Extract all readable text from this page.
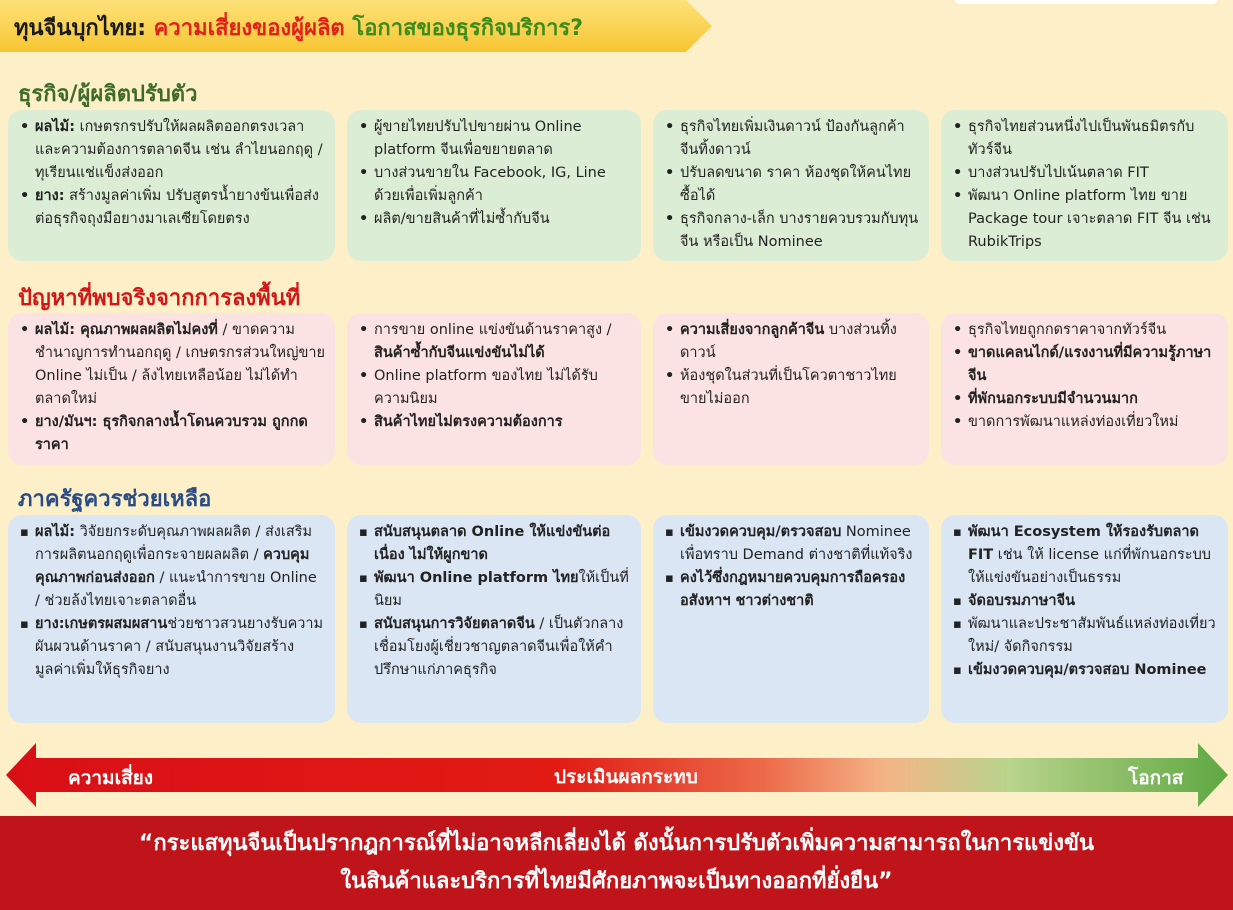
ทุนจีนบุกไทย: ความเสี่ยงของผู้ผลิต โอกาสของธุรกิจบริการ?
ธุรกิจ/ผู้ผลิตปรับตัว
ปัญหาที่พบจริงจากการลงพื้นที่
ภาครัฐควรช่วยเหลือ
• ผลไม้: เกษตรกรปรับให้ผลผลิตออกตรงเวลาและความต้องการตลาดจีน เช่น ลำไยนอกฤดู / ทุเรียนแช่แข็งส่งออก
• ยาง: สร้างมูลค่าเพิ่ม ปรับสูตรน้ำยางข้นเพื่อส่งต่อธุรกิจถุงมือยางมาเลเซียโดยตรง
• ผู้ขายไทยปรับไปขายผ่าน Online platform จีนเพื่อขยายตลาด
• บางส่วนขายใน Facebook, IG, Line ด้วยเพื่อเพิ่มลูกค้า
• ผลิต/ขายสินค้าที่ไม่ซ้ำกับจีน
• ธุรกิจไทยเพิ่มเงินดาวน์ ป้องกันลูกค้าจีนทิ้งดาวน์
• ปรับลดขนาด ราคา ห้องชุดให้คนไทยซื้อได้
• ธุรกิจกลาง-เล็ก บางรายควบรวมกับทุนจีน หรือเป็น Nominee
• ธุรกิจไทยส่วนหนึ่งไปเป็นพันธมิตรกับทัวร์จีน
• บางส่วนปรับไปเน้นตลาด FIT
• พัฒนา Online platform ไทย ขาย Package tour เจาะตลาด FIT จีน เช่น RubikTrips
• ผลไม้: คุณภาพผลผลิตไม่คงที่ / ขาดความชำนาญการทำนอกฤดู / เกษตรกรส่วนใหญ่ขาย Online ไม่เป็น / ล้งไทยเหลือน้อย ไม่ได้ทำตลาดใหม่
• ยาง/มันฯ: ธุรกิจกลางน้ำโดนควบรวม ถูกกดราคา
• การขาย online แข่งขันด้านราคาสูง / สินค้าซ้ำกับจีนแข่งขันไม่ได้
• Online platform ของไทย ไม่ได้รับความนิยม
• สินค้าไทยไม่ตรงความต้องการ
• ความเสี่ยงจากลูกค้าจีน บางส่วนทิ้งดาวน์
• ห้องชุดในส่วนที่เป็นโควตาชาวไทยขายไม่ออก
• ธุรกิจไทยถูกกดราคาจากทัวร์จีน
• ขาดแคลนไกด์/แรงงานที่มีความรู้ภาษาจีน
• ที่พักนอกระบบมีจำนวนมาก
• ขาดการพัฒนาแหล่งท่องเที่ยวใหม่
▪ ผลไม้: วิจัยยกระดับคุณภาพผลผลิต / ส่งเสริมการผลิตนอกฤดูเพื่อกระจายผลผลิต / ควบคุมคุณภาพก่อนส่งออก / แนะนำการขาย Online / ช่วยล้งไทยเจาะตลาดอื่น
▪ ยาง:เกษตรผสมผสานช่วยชาวสวนยางรับความผันผวนด้านราคา / สนับสนุนงานวิจัยสร้างมูลค่าเพิ่มให้ธุรกิจยาง
▪ สนับสนุนตลาด Online ให้แข่งขันต่อเนื่อง ไม่ให้ผูกขาด
▪ พัฒนา Online platform ไทยให้เป็นที่นิยม
▪ สนับสนุนการวิจัยตลาดจีน / เป็นตัวกลางเชื่อมโยงผู้เชี่ยวชาญตลาดจีนเพื่อให้คำปรึกษาแก่ภาคธุรกิจ
▪ เข้มงวดควบคุม/ตรวจสอบ Nominee เพื่อทราบ Demand ต่างชาติที่แท้จริง
▪ คงไว้ซึ่งกฎหมายควบคุมการถือครองอสังหาฯ ชาวต่างชาติ
▪ พัฒนา Ecosystem ให้รองรับตลาด FIT เช่น ให้ license แก่ที่พักนอกระบบ ให้แข่งขันอย่างเป็นธรรม
▪ จัดอบรมภาษาจีน
▪ พัฒนาและประชาสัมพันธ์แหล่งท่องเที่ยวใหม่/ จัดกิจกรรม
▪ เข้มงวดควบคุม/ตรวจสอบ Nominee
ความเสี่ยง	ประเมินผลกระทบ	โอกาส
“กระแสทุนจีนเป็นปรากฎการณ์ที่ไม่อาจหลีกเลี่ยงได้ ดังนั้นการปรับตัวเพิ่มความสามารถในการแข่งขัน
ในสินค้าและบริการที่ไทยมีศักยภาพจะเป็นทางออกที่ยั่งยืน”
